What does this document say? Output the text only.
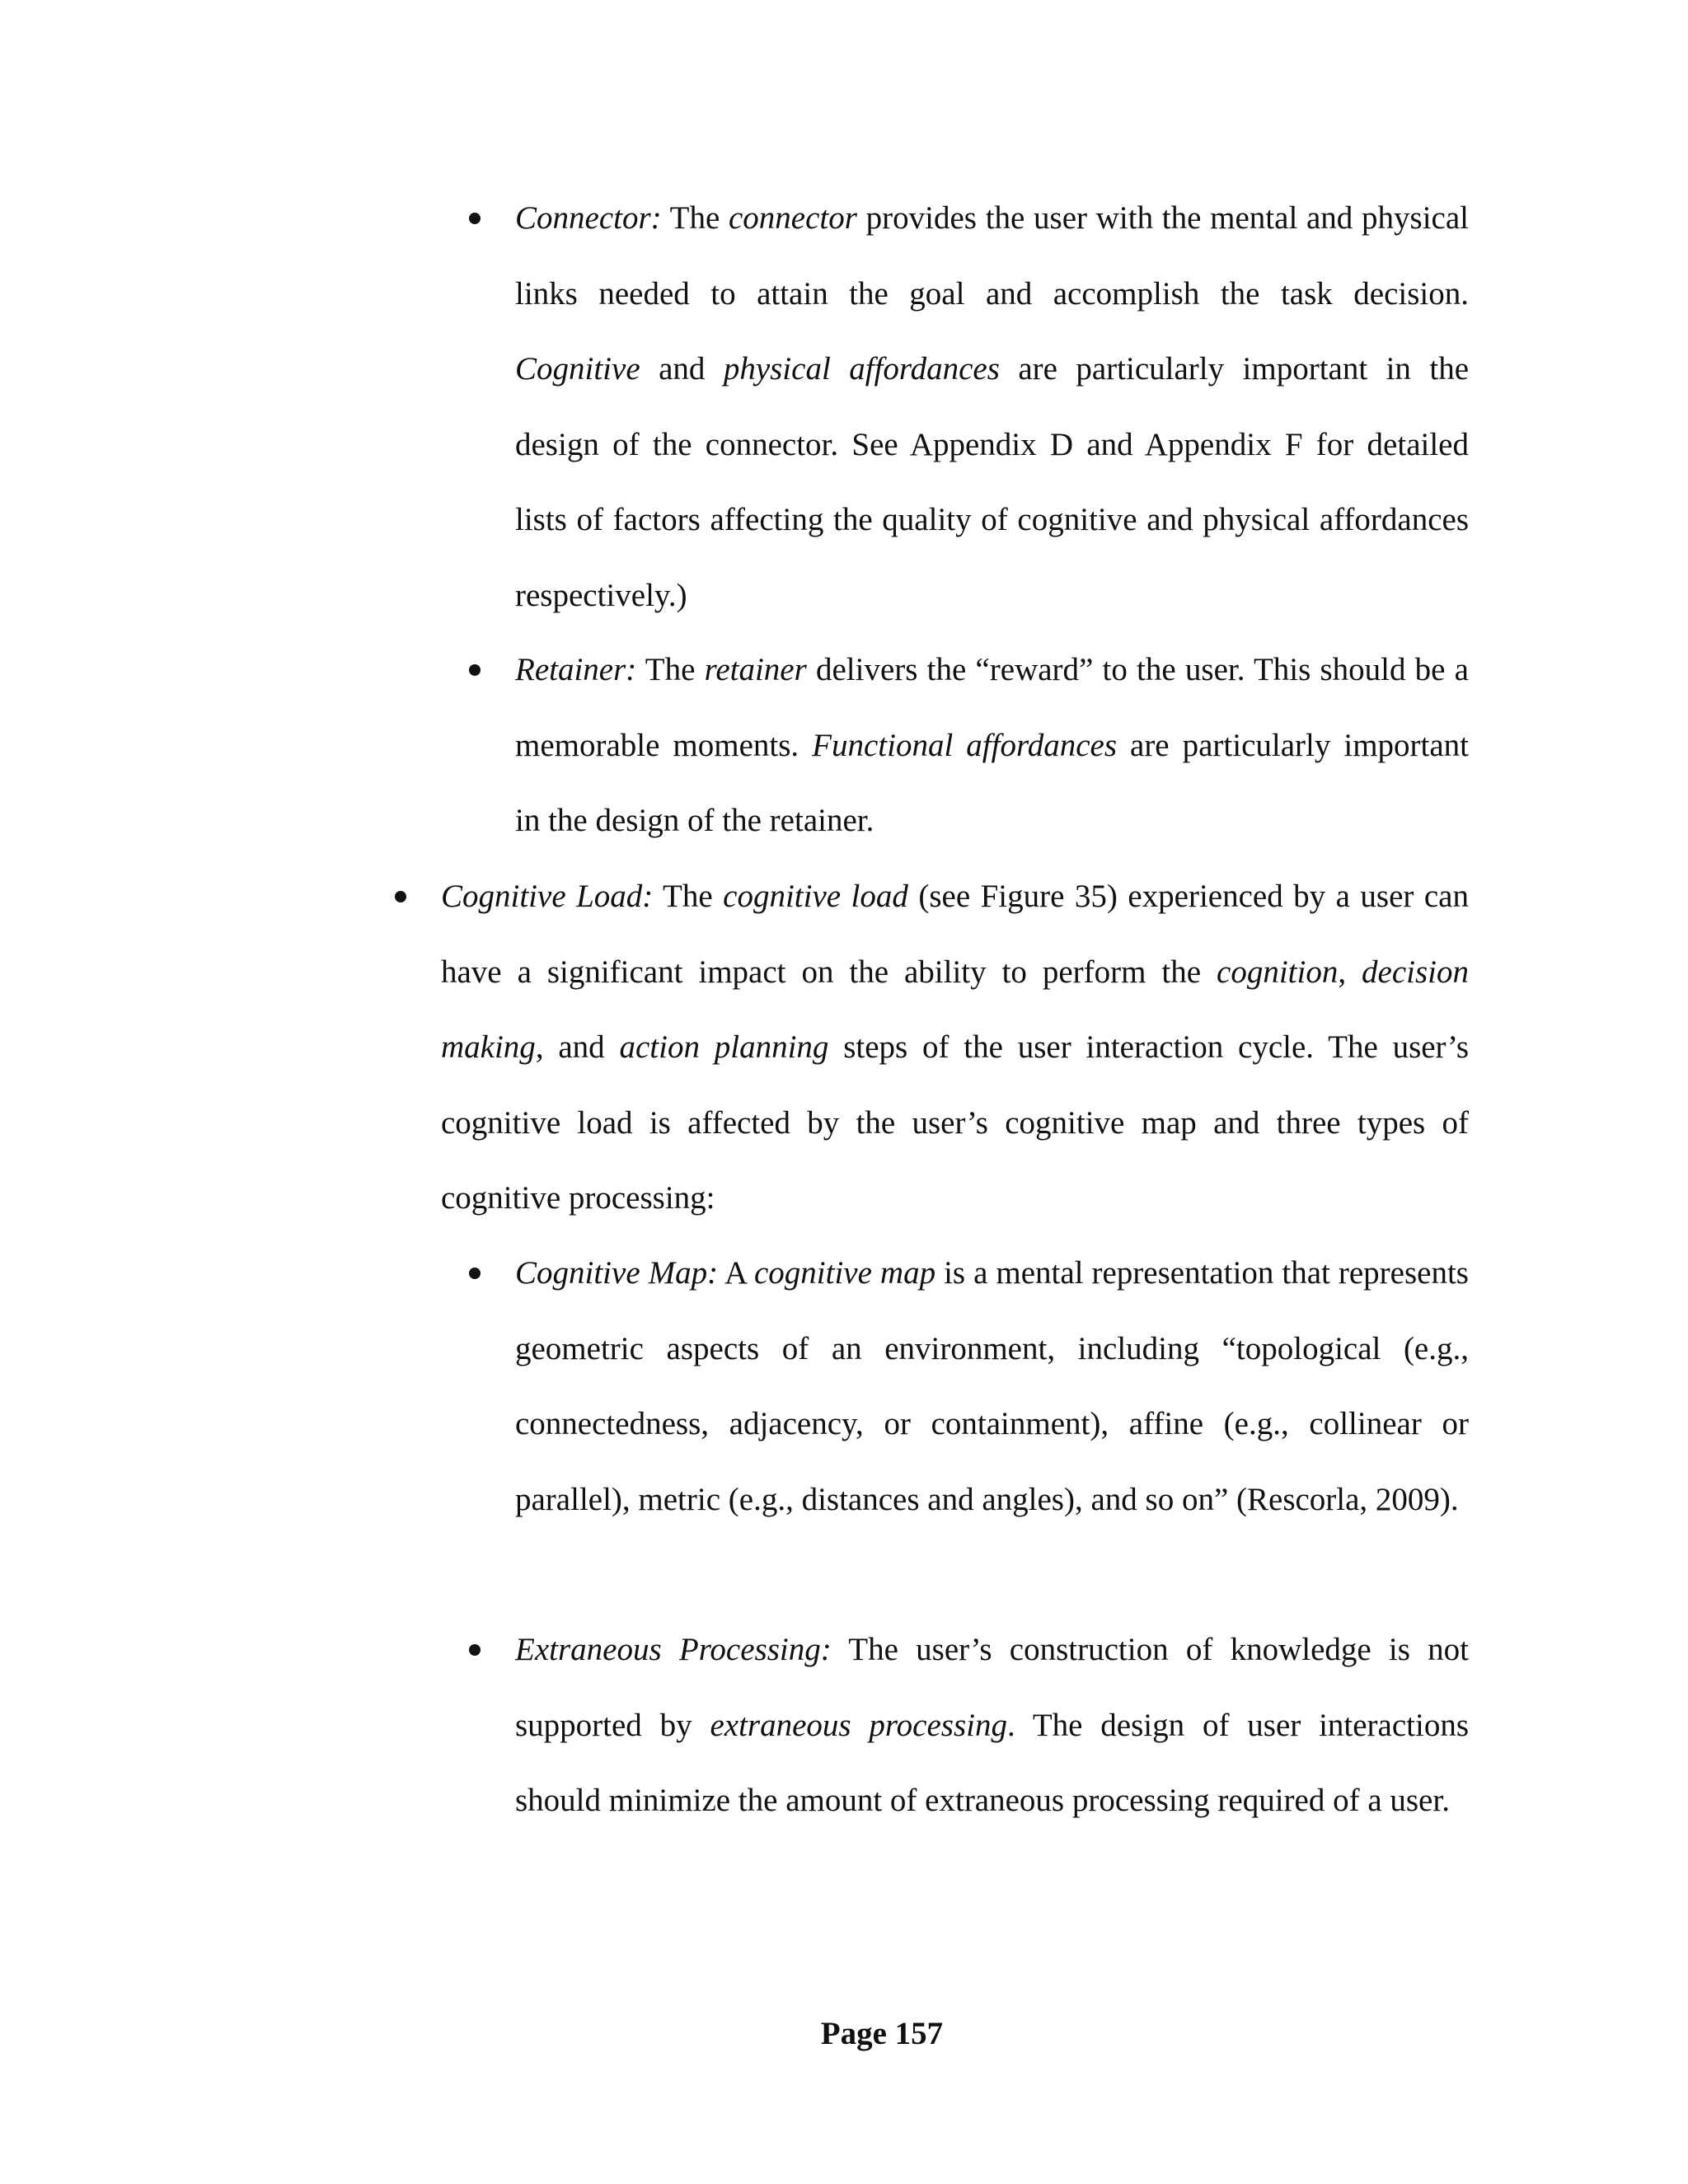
Connector: The connector provides the user with the mental and physical links needed to attain the goal and accomplish the task decision. Cognitive and physical affordances are particularly important in the design of the connector. See Appendix D and Appendix F for detailed lists of factors affecting the quality of cognitive and physical affordances respectively.)

Retainer: The retainer delivers the “reward” to the user. This should be a memorable moments. Functional affordances are particularly important in the design of the retainer.

Cognitive Load: The cognitive load (see Figure 35) experienced by a user can have a significant impact on the ability to perform the cognition, decision making, and action planning steps of the user interaction cycle. The user’s cognitive load is affected by the user’s cognitive map and three types of cognitive processing:

Cognitive Map: A cognitive map is a mental representation that represents geometric aspects of an environment, including “topological (e.g., connectedness, adjacency, or containment), affine (e.g., collinear or parallel), metric (e.g., distances and angles), and so on” (Rescorla, 2009).

Extraneous Processing: The user’s construction of knowledge is not supported by extraneous processing. The design of user interactions should minimize the amount of extraneous processing required of a user.

Page 157
